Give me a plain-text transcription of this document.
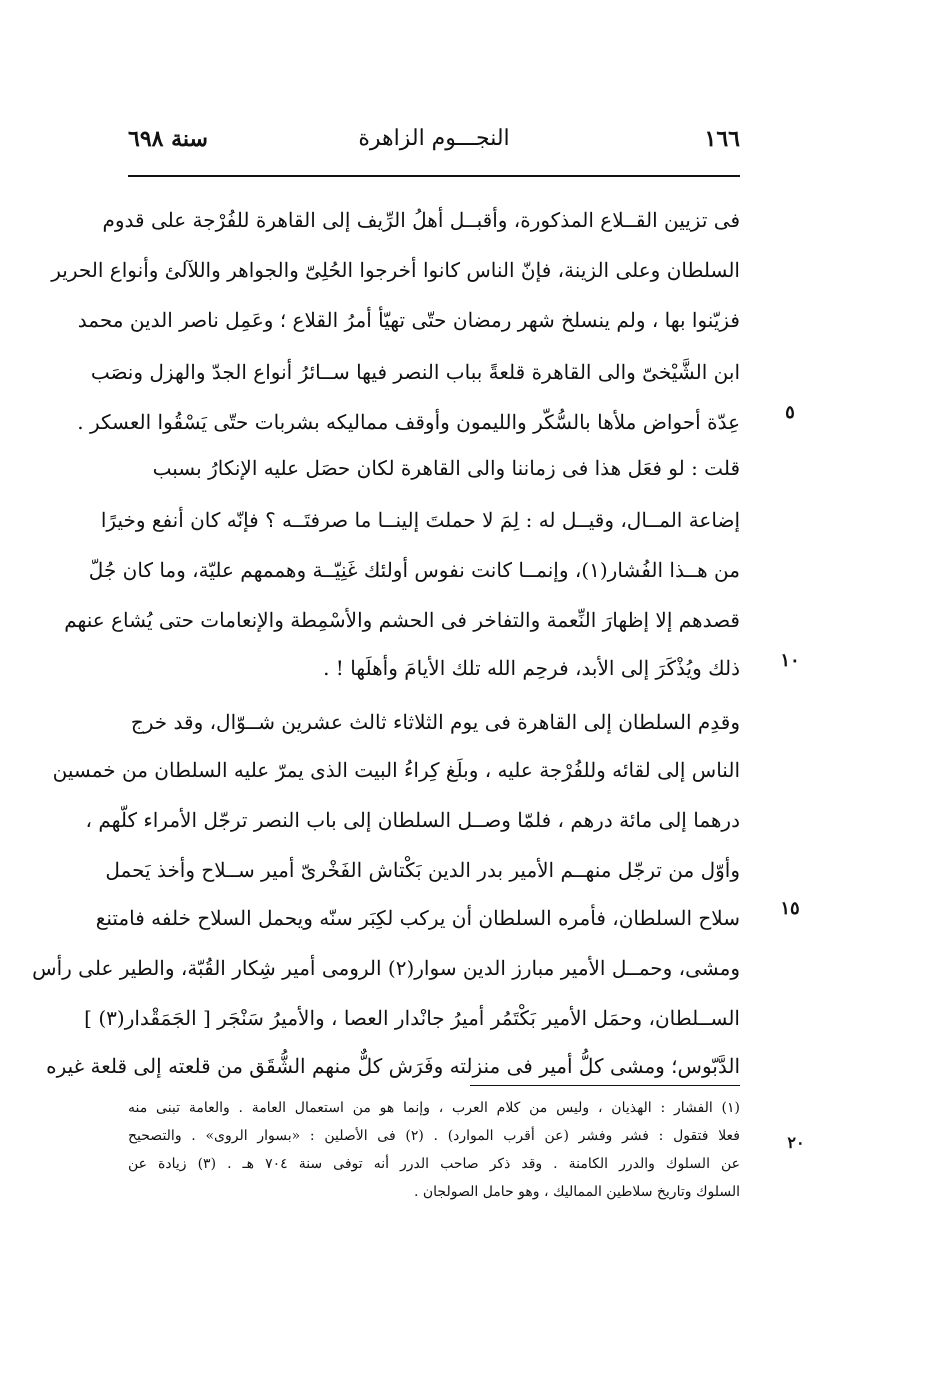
١٦٦
النجـــوم الزاهرة
سنة ٦٩٨
فى تزيين القــلاع المذكورة، وأقبــل أهلُ الرِّيف إلى القاهرة للفُرْجة على قدوم
السلطان وعلى الزينة، فإنّ الناس كانوا أخرجوا الحُلِىّ والجواهر واللآلئ وأنواع الحرير
فزيّنوا بها ، ولم ينسلخ شهر رمضان حتّى تهيّأ أمرُ القلاع ؛ وعَمِل ناصر الدين محمد
ابن الشَّيْخىّ والى القاهرة قلعةً بباب النصر فيها ســائرُ أنواع الجدّ والهزل ونصَب
عِدّة أحواض ملأها بالسُّكّر والليمون وأوقف مماليكه بشربات حتّى يَسْقُوا العسكر .
قلت : لو فعَل هذا فى زماننا والى القاهرة لكان حصَل عليه الإنكارُ بسبب
إضاعة المــال، وقيــل له : لِمَ لا حملتَ إلينــا ما صرفتَــه ؟ فإنّه كان أنفع وخيرًا
من هــذا الفُشار(١)، وإنمــا كانت نفوس أولئك غَنِيّــة وهممهم عليّة، وما كان جُلّ
قصدهم إلا إظهارَ النِّعمة والتفاخر فى الحشم والأسْمِطة والإنعامات حتى يُشاع عنهم
ذلك ويُذْكَرَ إلى الأبد، فرحِم الله تلك الأيامَ وأهلَها ! .
وقدِم السلطان إلى القاهرة فى يوم الثلاثاء ثالث عشرين شــوّال، وقد خرج
الناس إلى لقائه وللفُرْجة عليه ، وبلَغ كِراءُ البيت الذى يمرّ عليه السلطان من خمسين
درهما إلى مائة درهم ، فلمّا وصــل السلطان إلى باب النصر ترجّل الأمراء كلّهم ،
وأوّل من ترجّل منهــم الأمير بدر الدين بَكْتاش الفَخْرىّ أمير ســلاح وأخذ يَحمل
سلاح السلطان، فأمره السلطان أن يركب لكِبَر سنّه ويحمل السلاح خلفه فامتنع
ومشى، وحمــل الأمير مبارز الدين سوار(٢) الرومى أمير شِكار القُبّة، والطير على رأس
الســلطان، وحمَل الأمير بَكْتَمُر أميرُ جانْدار العصا ، والأميرُ سَنْجَر [ الجَمَقْدار(٣) ]
الدَّبّوس؛ ومشى كلُّ أمير فى منزلته وفَرَش كلٌّ منهم الشُّقَق من قلعته إلى قلعة غيره
٥
١٠
١٥
(١) الفشار : الهذيان ، وليس من كلام العرب ، وإنما هو من استعمال العامة . والعامة تبنى منه
فعلا فتقول : فشر وفشر (عن أقرب الموارد) . (٢) فى الأصلين : «بسوار الروى» . والتصحيح
عن السلوك والدرر الكامنة . وقد ذكر صاحب الدرر أنه توفى سنة ٧٠٤ هـ . (٣) زيادة عن
السلوك وتاريخ سلاطين المماليك ، وهو حامل الصولجان .
٢٠
